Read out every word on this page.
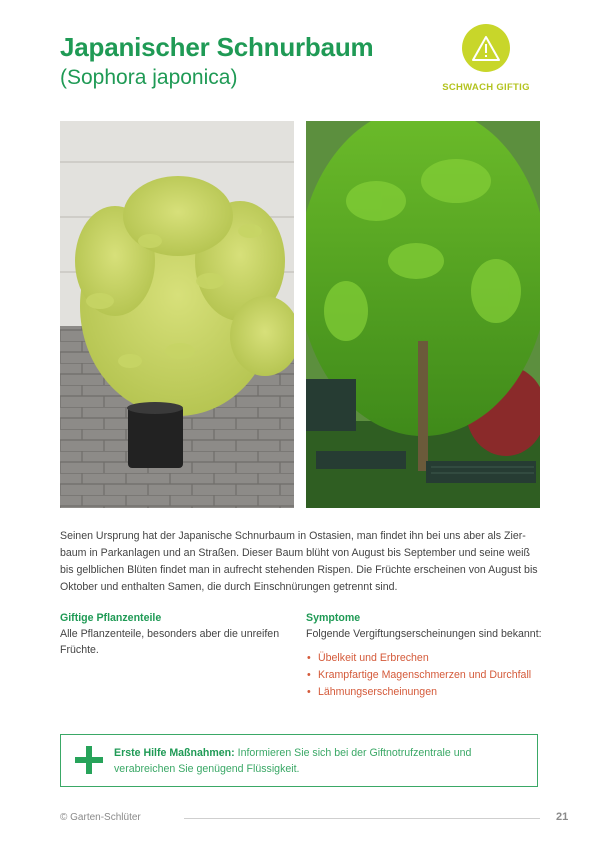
Japanischer Schnurbaum
(Sophora japonica)	SCHWACH GIFTIG

Seinen Ursprung hat der Japanische Schnurbaum in Ostasien, man findet ihn bei uns aber als Zier-baum in Parkanlagen und an Straßen. Dieser Baum blüht von August bis September und seine weiß bis gelblichen Blüten findet man in aufrecht stehenden Rispen. Die Früchte erscheinen von August bis Oktober und enthalten Samen, die durch Einschnürungen getrennt sind.

Giftige Pflanzenteile

Alle Pflanzenteile, besonders aber die unreifen Früchte.

Symptome

Folgende Vergiftungserscheinungen sind bekannt:

• Übelkeit und Erbrechen
• Krampfartige Magenschmerzen und Durchfall
• Lähmungserscheinungen

Erste Hilfe Maßnahmen: Informieren Sie sich bei der Giftnotrufzentrale und verabreichen Sie genügend Flüssigkeit.

© Garten-Schlüter	21
